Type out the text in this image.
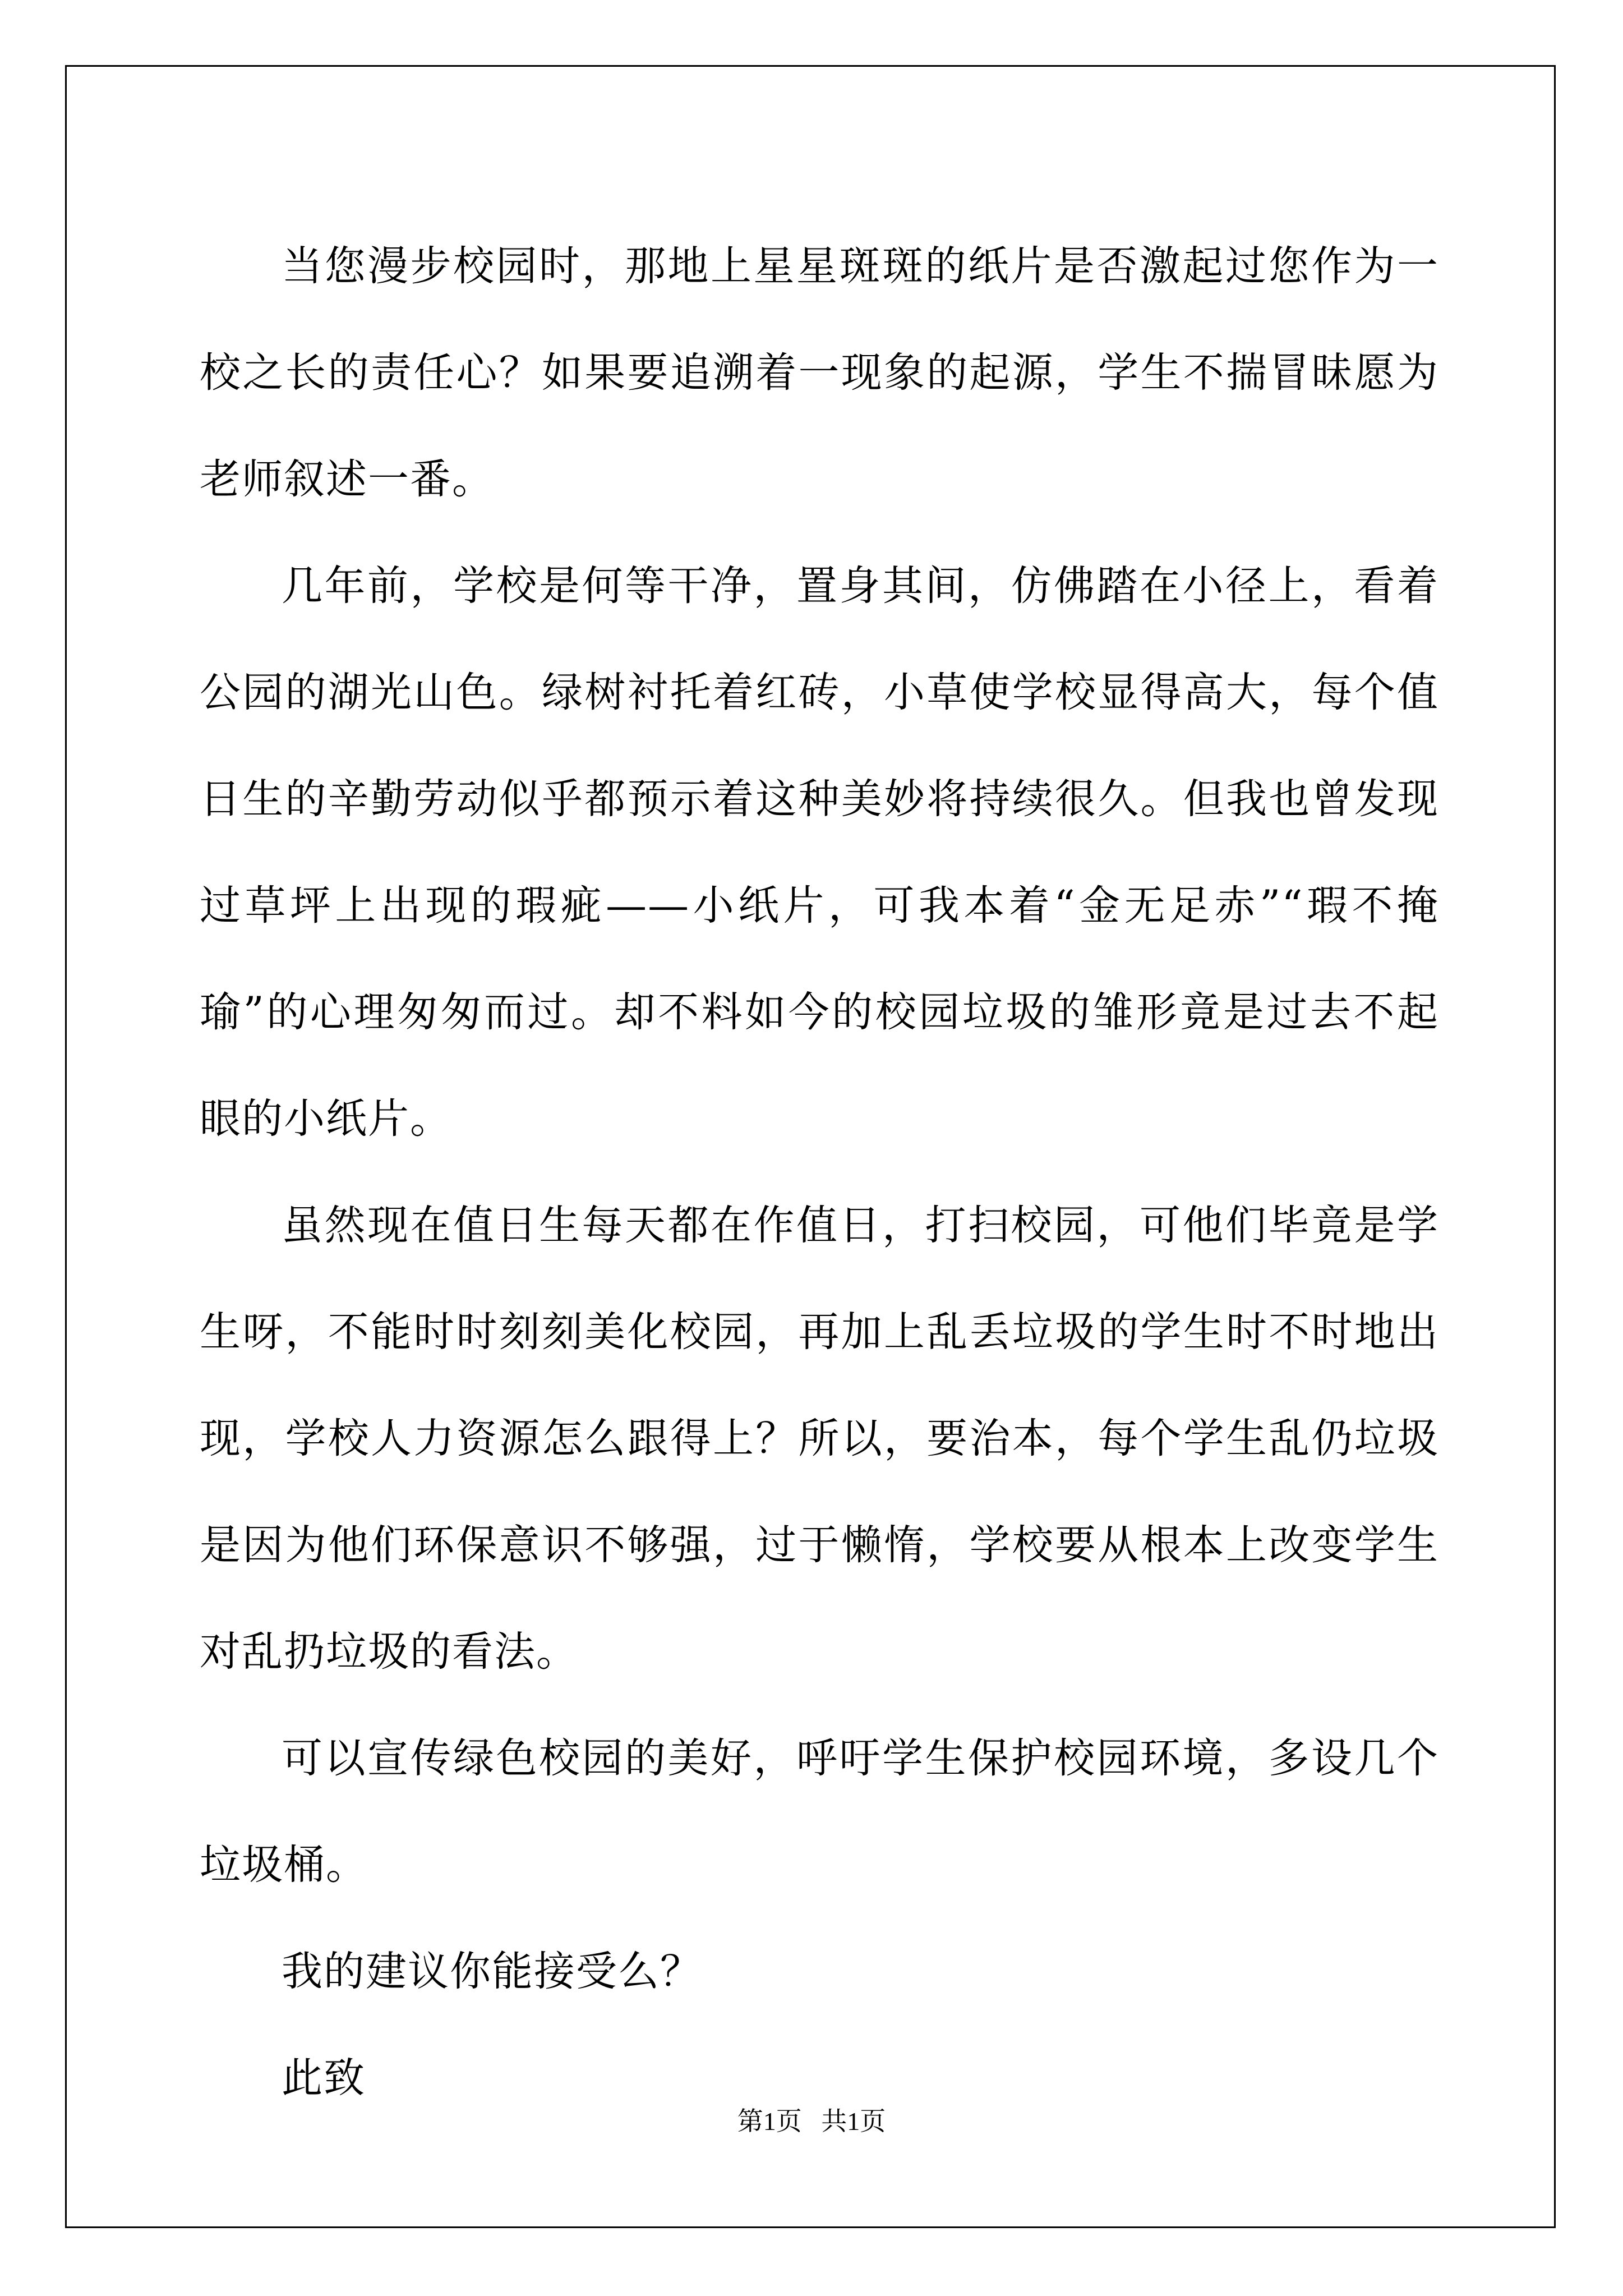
当您漫步校园时，那地上星星斑斑的纸片是否激起过您作为一校之长的责任心？如果要追溯着一现象的起源，学生不揣冒昧愿为老师叙述一番。

几年前，学校是何等干净，置身其间，仿佛踏在小径上，看着公园的湖光山色。绿树衬托着红砖，小草使学校显得高大，每个值日生的辛勤劳动似乎都预示着这种美妙将持续很久。但我也曾发现过草坪上出现的瑕疵——小纸片，可我本着“金无足赤”“瑕不掩瑜”的心理匆匆而过。却不料如今的校园垃圾的雏形竟是过去不起眼的小纸片。

虽然现在值日生每天都在作值日，打扫校园，可他们毕竟是学生呀，不能时时刻刻美化校园，再加上乱丢垃圾的学生时不时地出现，学校人力资源怎么跟得上？所以，要治本，每个学生乱仍垃圾是因为他们环保意识不够强，过于懒惰，学校要从根本上改变学生对乱扔垃圾的看法。

可以宣传绿色校园的美好，呼吁学生保护校园环境，多设几个垃圾桶。

我的建议你能接受么？

此致

第1页   共1页
